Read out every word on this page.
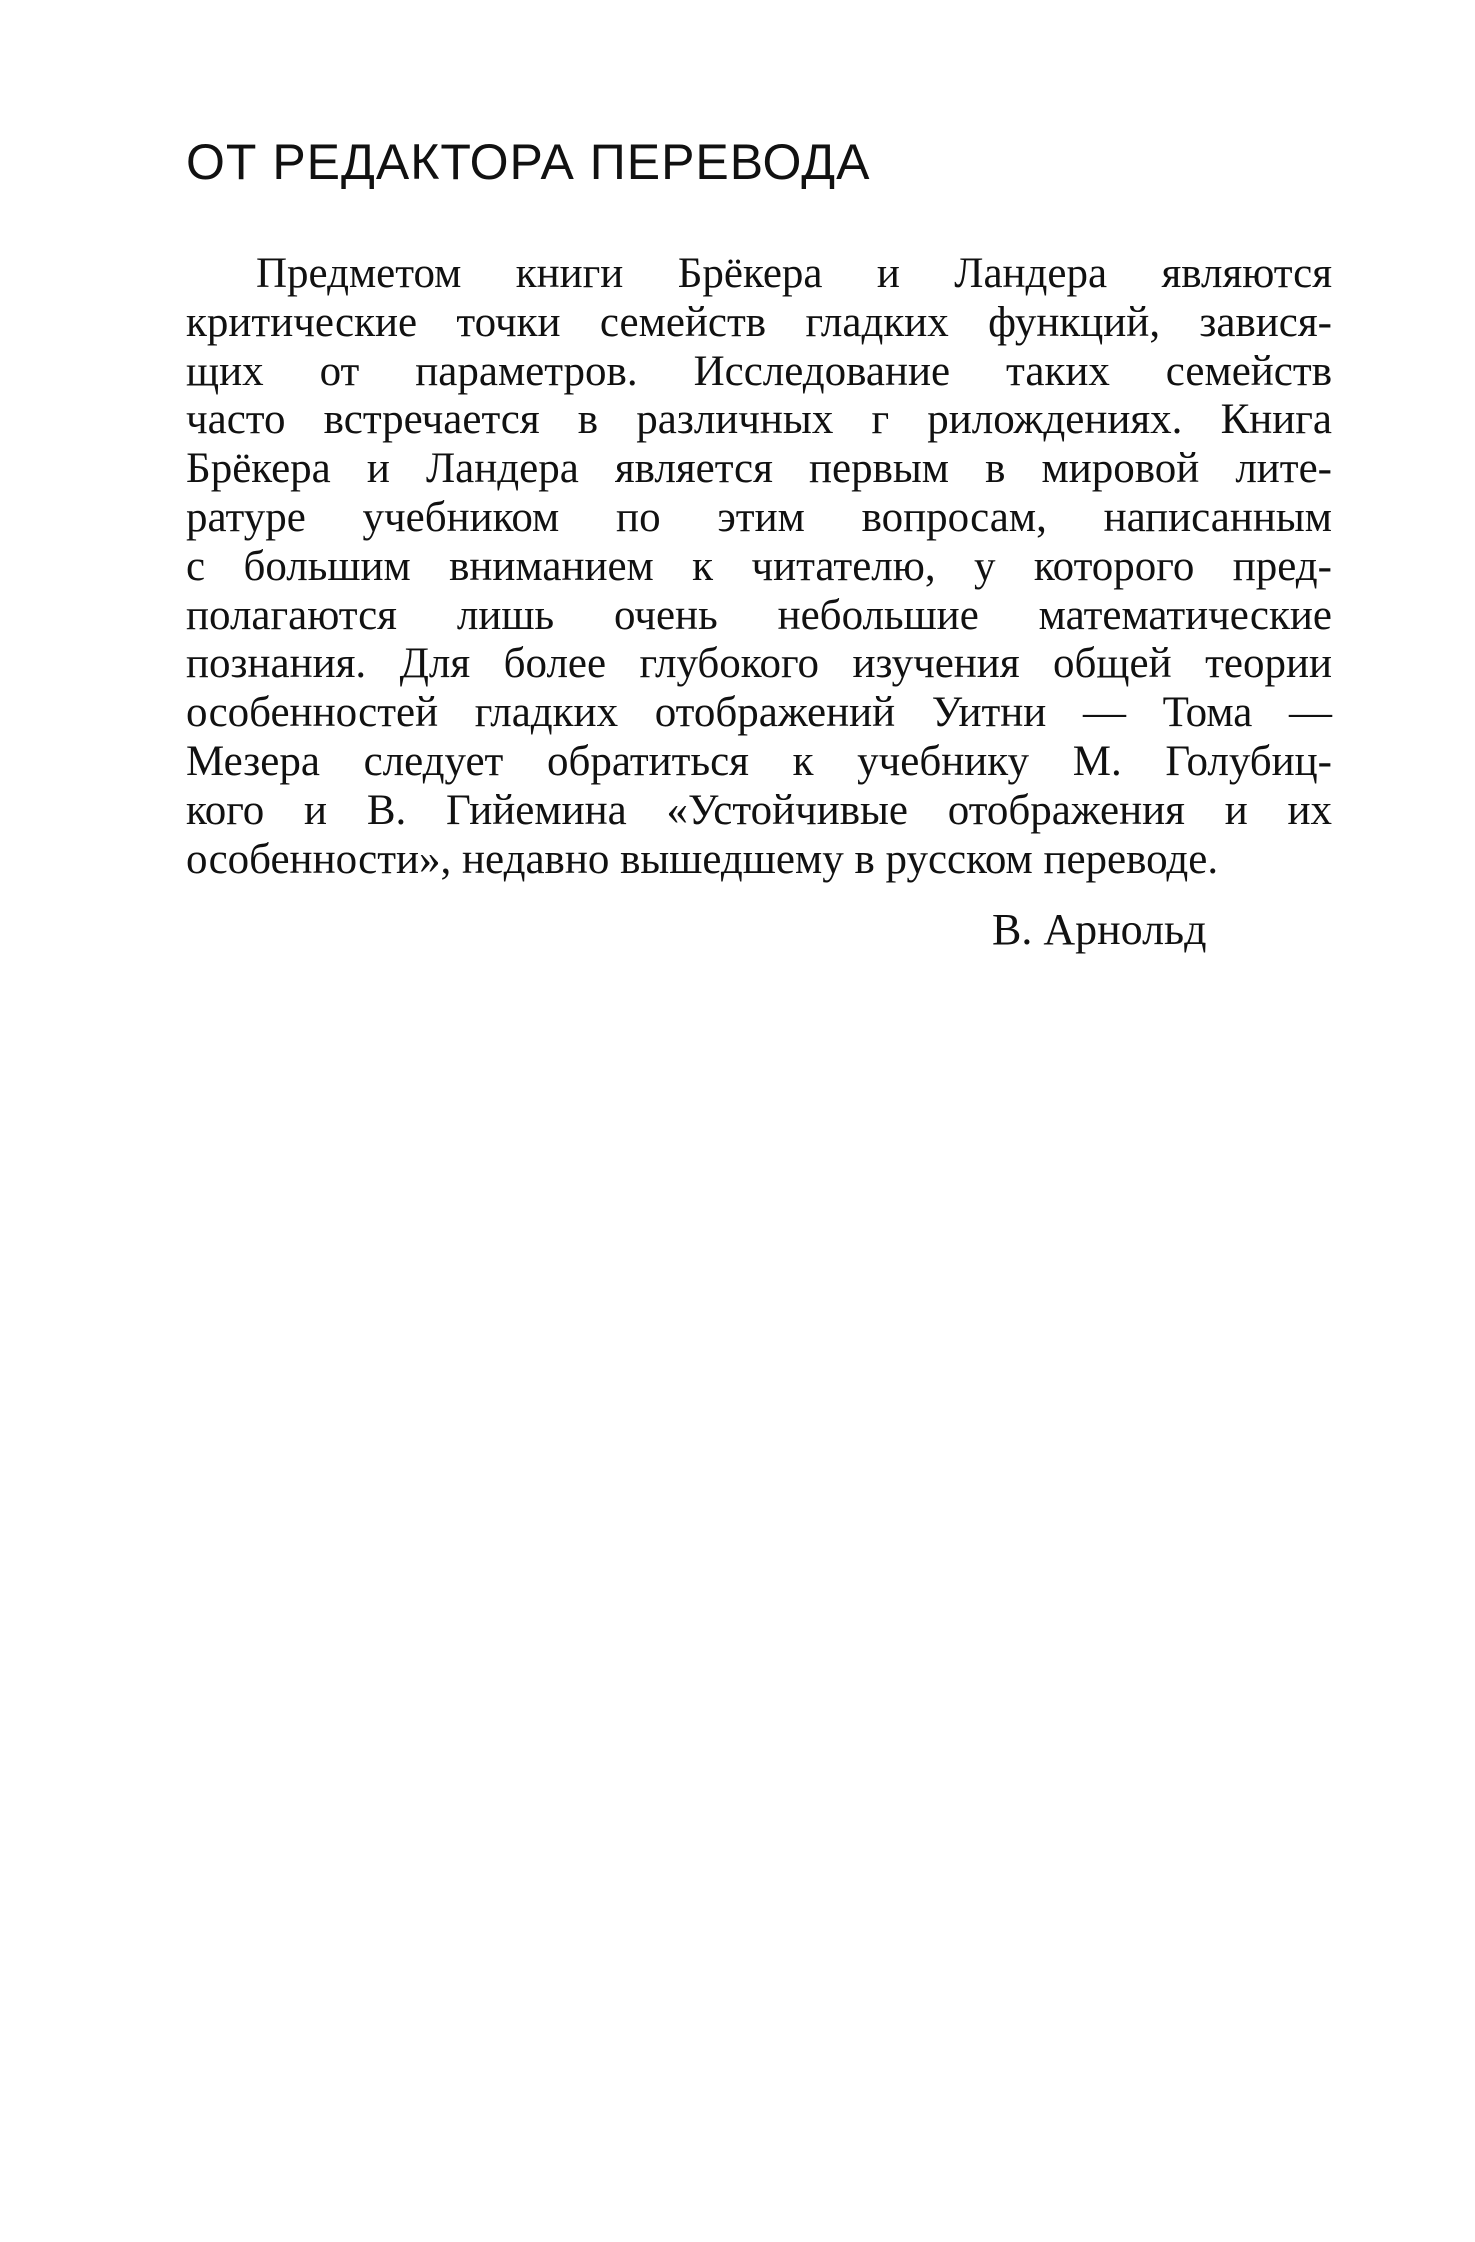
ОТ РЕДАКТОРА ПЕРЕВОДА
Предметом книги Брёкера и Ландера являются
критические точки семейств гладких функций, завися-
щих от параметров. Исследование таких семейств
часто встречается в различных г рилождениях. Книга
Брёкера и Ландера является первым в мировой лите-
ратуре учебником по этим вопросам, написанным
с большим вниманием к читателю, у которого пред-
полагаются лишь очень небольшие математические
познания. Для более глубокого изучения общей теории
особенностей гладких отображений Уитни — Тома —
Мезера следует обратиться к учебнику М. Голубиц-
кого и В. Гийемина «Устойчивые отображения и их
особенности», недавно вышедшему в русском переводе.

В. Арнольд
